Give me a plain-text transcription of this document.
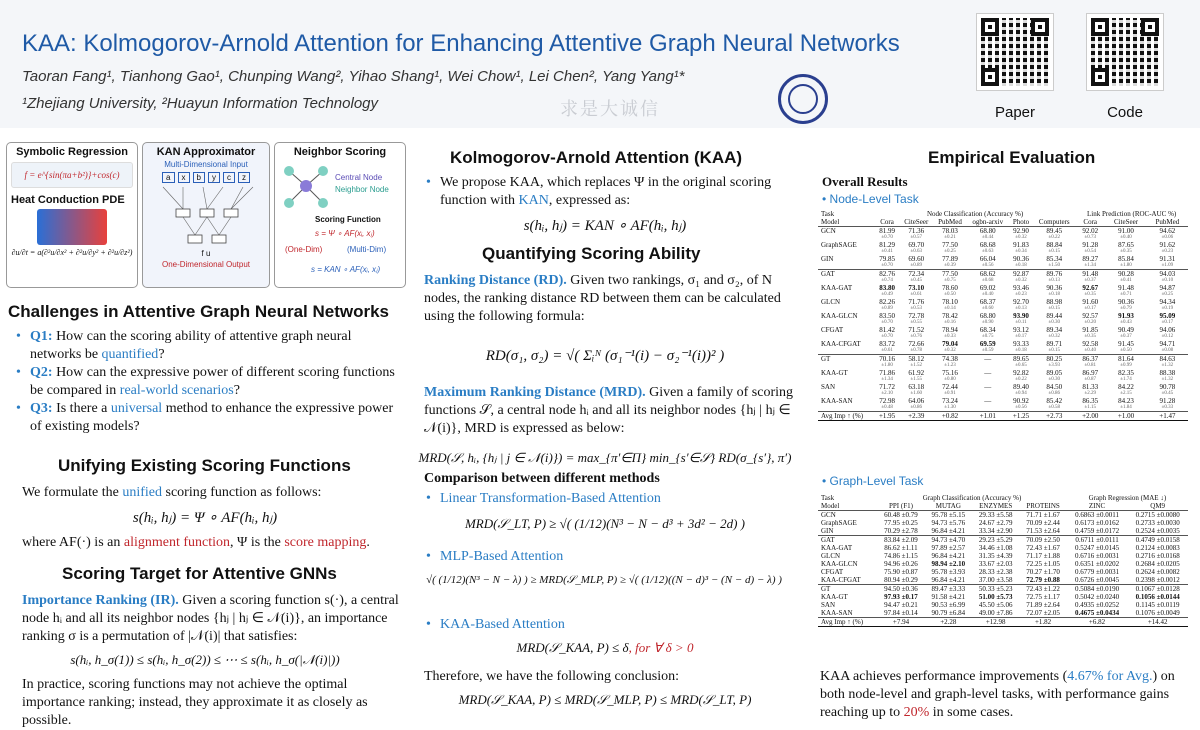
KAA: Kolmogorov-Arnold Attention for Enhancing Attentive Graph Neural Networks
Taoran Fang¹, Tianhong Gao¹, Chunping Wang², Yihao Shang¹, Wei Chow¹, Lei Chen², Yang Yang¹*
¹Zhejiang University, ²Huayun Information Technology	求是大诚信	Paper	Code
Symbolic Regression
f = e^{sin(πa+b²)}+cos(c)
Heat Conduction PDE
∂u/∂t = a(∂²u/∂x² + ∂²u/∂y² + ∂²u/∂z²)
KAN Approximator
Multi-Dimensional Input
a	x	b	y	c	z
f u
One-Dimensional Output
Neighbor Scoring
Central Node
Neighbor Node
Scoring Function
s = Ψ ∘ AF(xᵢ, xⱼ)
(One-Dim)	(Multi-Dim)
s = KAN ∘ AF(xᵢ, xⱼ)
Challenges in Attentive Graph Neural Networks
• Q1: How can the scoring ability of attentive graph neural networks be quantified?
• Q2: How can the expressive power of different scoring functions be compared in real-world scenarios?
• Q3: Is there a universal method to enhance the expressive power of existing models?
Unifying Existing Scoring Functions
We formulate the unified scoring function as follows:
s(hᵢ, hⱼ) = Ψ ∘ AF(hᵢ, hⱼ)
where AF(·) is an alignment function, Ψ is the score mapping.
Scoring Target for Attentive GNNs
Importance Ranking (IR). Given a scoring function s(·), a central node hᵢ and all its neighbor nodes {hⱼ | hⱼ ∈ 𝒩(i)}, an importance ranking σ is a permutation of |𝒩(i)| that satisfies:
s(hᵢ, h_σ(1)) ≤ s(hᵢ, h_σ(2)) ≤ ⋯ ≤ s(hᵢ, h_σ(|𝒩(i)|))
In practice, scoring functions may not achieve the optimal importance ranking; instead, they approximate it as closely as possible.
Kolmogorov-Arnold Attention (KAA)
• We propose KAA, which replaces Ψ in the original scoring function with KAN, expressed as:
s(hᵢ, hⱼ) = KAN ∘ AF(hᵢ, hⱼ)
Quantifying Scoring Ability
Ranking Distance (RD). Given two rankings, σ₁ and σ₂, of N nodes, the ranking distance RD between them can be calculated using the following formula:
RD(σ₁, σ₂) = √( Σᵢᴺ (σ₁⁻¹(i) − σ₂⁻¹(i))² )
Maximum Ranking Distance (MRD). Given a family of scoring functions 𝒮, a central node hᵢ and all its neighbor nodes {hⱼ | hⱼ ∈ 𝒩(i)}, MRD is expressed as below:
MRD(𝒮, hᵢ, {hⱼ | j ∈ 𝒩(i)}) = max_{π′∈Π} min_{s′∈𝒮} RD(σ_{s′}, π′)
Comparison between different methods
• Linear Transformation-Based Attention
MRD(𝒮_LT, P) ≥ √( (1/12)(N³ − N − d³ + 3d² − 2d) )
• MLP-Based Attention
√( (1/12)(N³ − N − λ) ) ≥ MRD(𝒮_MLP, P) ≥ √( (1/12)((N − d)³ − (N − d) − λ) )
• KAA-Based Attention
MRD(𝒮_KAA, P) ≤ δ, for ∀ δ > 0
Therefore, we have the following conclusion:
MRD(𝒮_KAA, P) ≤ MRD(𝒮_MLP, P) ≤ MRD(𝒮_LT, P)
Empirical Evaluation
Overall Results
• Node-Level Task
Task	Node Classification (Accuracy %)						Link Prediction (ROC-AUC %)		
Model	Cora	CiteSeer	PubMed	ogbn-arxiv	Photo	Computers	Cora	CiteSeer	PubMed
GCN	81.99	71.36	78.03	68.80	92.90	89.45	92.02	91.00	94.62
	±0.70	±0.57	±0.21	±0.44	±0.32	±0.22	±0.73	±0.40	±0.06
GraphSAGE	81.29	69.70	77.50	68.68	91.83	88.84	91.28	87.65	91.62
	±0.41	±0.63	±0.25	±0.63	±0.34	±0.15	±0.54	±0.35	±0.23
GIN	79.85	69.60	77.89	66.04	90.36	85.34	89.27	85.84	91.31
	±0.70	±0.89	±0.39	±0.56	±0.18	±1.50	±1.34	±1.80	±1.09
GAT	82.76	72.34	77.50	68.62	92.87	89.76	91.48	90.28	94.03
	±0.74	±0.45	±0.75	±0.68	±0.32	±0.13	±0.37	±0.41	±0.10
KAA-GAT	83.80	73.10	78.60	69.02	93.46	90.36	92.67	91.48	94.87
	±0.49	±0.61	±0.50	±0.40	±0.23	±0.18	±0.35	±0.71	±0.25
GLCN	82.26	71.76	78.10	68.37	92.70	88.98	91.60	90.36	94.34
	±0.89	±0.53	±0.14	±0.60	±0.13	±0.15	±0.17	±0.79	±0.19
KAA-GLCN	83.50	72.78	78.42	68.80	93.90	89.44	92.57	91.93	95.09
	±0.70	±0.55	±0.16	±0.90	±0.11	±0.30	±0.20	±0.43	±0.17
CFGAT	81.42	71.52	78.94	68.34	93.12	89.34	91.85	90.49	94.06
	±0.70	±0.76	±0.33	±0.75	±0.17	±0.32	±0.35	±0.37	±0.12
KAA-CFGAT	83.72	72.66	79.04	69.59	93.33	89.71	92.58	91.45	94.71
	±0.61	±0.78	±0.32	±0.59	±0.18	±0.15	±0.40	±0.50	±0.08
GT	70.16	58.12	74.38	—	89.65	80.25	86.37	81.64	84.63
	±1.80	±1.52	±1.23		±0.65	±3.93	±0.81	±0.99	±1.32
KAA-GT	71.86	61.92	75.16	—	92.82	89.05	86.97	82.35	88.38
	±1.34	±1.55	±0.80		±0.22	±0.30	±0.87	±1.74	±1.32
SAN	71.72	63.18	72.44	—	89.40	84.50	81.33	84.22	90.78
	±2.10	±1.60	±0.91		±0.94	±0.86	±2.29	±2.15	±0.45
KAA-SAN	72.98	64.06	73.24	—	90.92	85.42	86.35	84.23	91.28
	±0.48	±0.86	±1.30		±0.56	±0.58	±1.15	±1.84	±0.33
Avg Imp ↑ (%)	+1.95	+2.39	+0.82	+1.01	+1.25	+2.73	+2.00	+1.00	+1.47
• Graph-Level Task
Task	Graph Classification (Accuracy %)				Graph Regression (MAE ↓)	
Model	PPI (F1)	MUTAG	ENZYMES	PROTEINS	ZINC	QM9
GCN	60.48 ±0.79	95.78 ±5.15	29.33 ±5.58	71.71 ±1.67	0.6863 ±0.0011	0.2715 ±0.0080
GraphSAGE	77.95 ±0.25	94.73 ±5.76	24.67 ±2.79	70.09 ±2.44	0.6173 ±0.0162	0.2733 ±0.0030
GIN	70.29 ±2.78	96.84 ±4.21	33.34 ±2.90	71.53 ±2.64	0.4759 ±0.0172	0.2524 ±0.0035
GAT	83.84 ±2.09	94.73 ±4.70	29.23 ±5.29	70.09 ±2.50	0.6711 ±0.0111	0.4749 ±0.0158
KAA-GAT	86.62 ±1.11	97.89 ±2.57	34.46 ±1.08	72.43 ±1.67	0.5247 ±0.0145	0.2124 ±0.0083
GLCN	74.86 ±1.15	96.84 ±4.21	31.35 ±4.39	71.17 ±1.88	0.6716 ±0.0031	0.2716 ±0.0168
KAA-GLCN	94.96 ±0.26	98.94 ±2.10	33.67 ±2.03	72.25 ±1.05	0.6351 ±0.0202	0.2684 ±0.0205
CFGAT	75.90 ±0.87	95.78 ±3.93	28.33 ±2.38	70.27 ±1.70	0.6779 ±0.0031	0.2624 ±0.0082
KAA-CFGAT	80.94 ±0.29	96.84 ±4.21	37.00 ±3.58	72.79 ±0.88	0.6726 ±0.0045	0.2398 ±0.0012
GT	94.50 ±0.36	89.47 ±3.33	50.33 ±5.23	72.43 ±1.22	0.5084 ±0.0190	0.1067 ±0.0128
KAA-GT	97.93 ±0.17	91.58 ±4.21	51.00 ±5.73	72.75 ±1.17	0.5042 ±0.0240	0.1056 ±0.0144
SAN	94.47 ±0.21	90.53 ±6.99	45.50 ±5.06	71.89 ±2.64	0.4935 ±0.0252	0.1145 ±0.0119
KAA-SAN	97.84 ±0.14	90.79 ±6.84	49.00 ±7.86	72.07 ±2.05	0.4675 ±0.0434	0.1076 ±0.0049
Avg Imp ↑ (%)	+7.94	+2.28	+12.98	+1.82	+6.82	+14.42
KAA achieves performance improvements (4.67% for Avg.) on both node-level and graph-level tasks, with performance gains reaching up to 20% in some cases.
